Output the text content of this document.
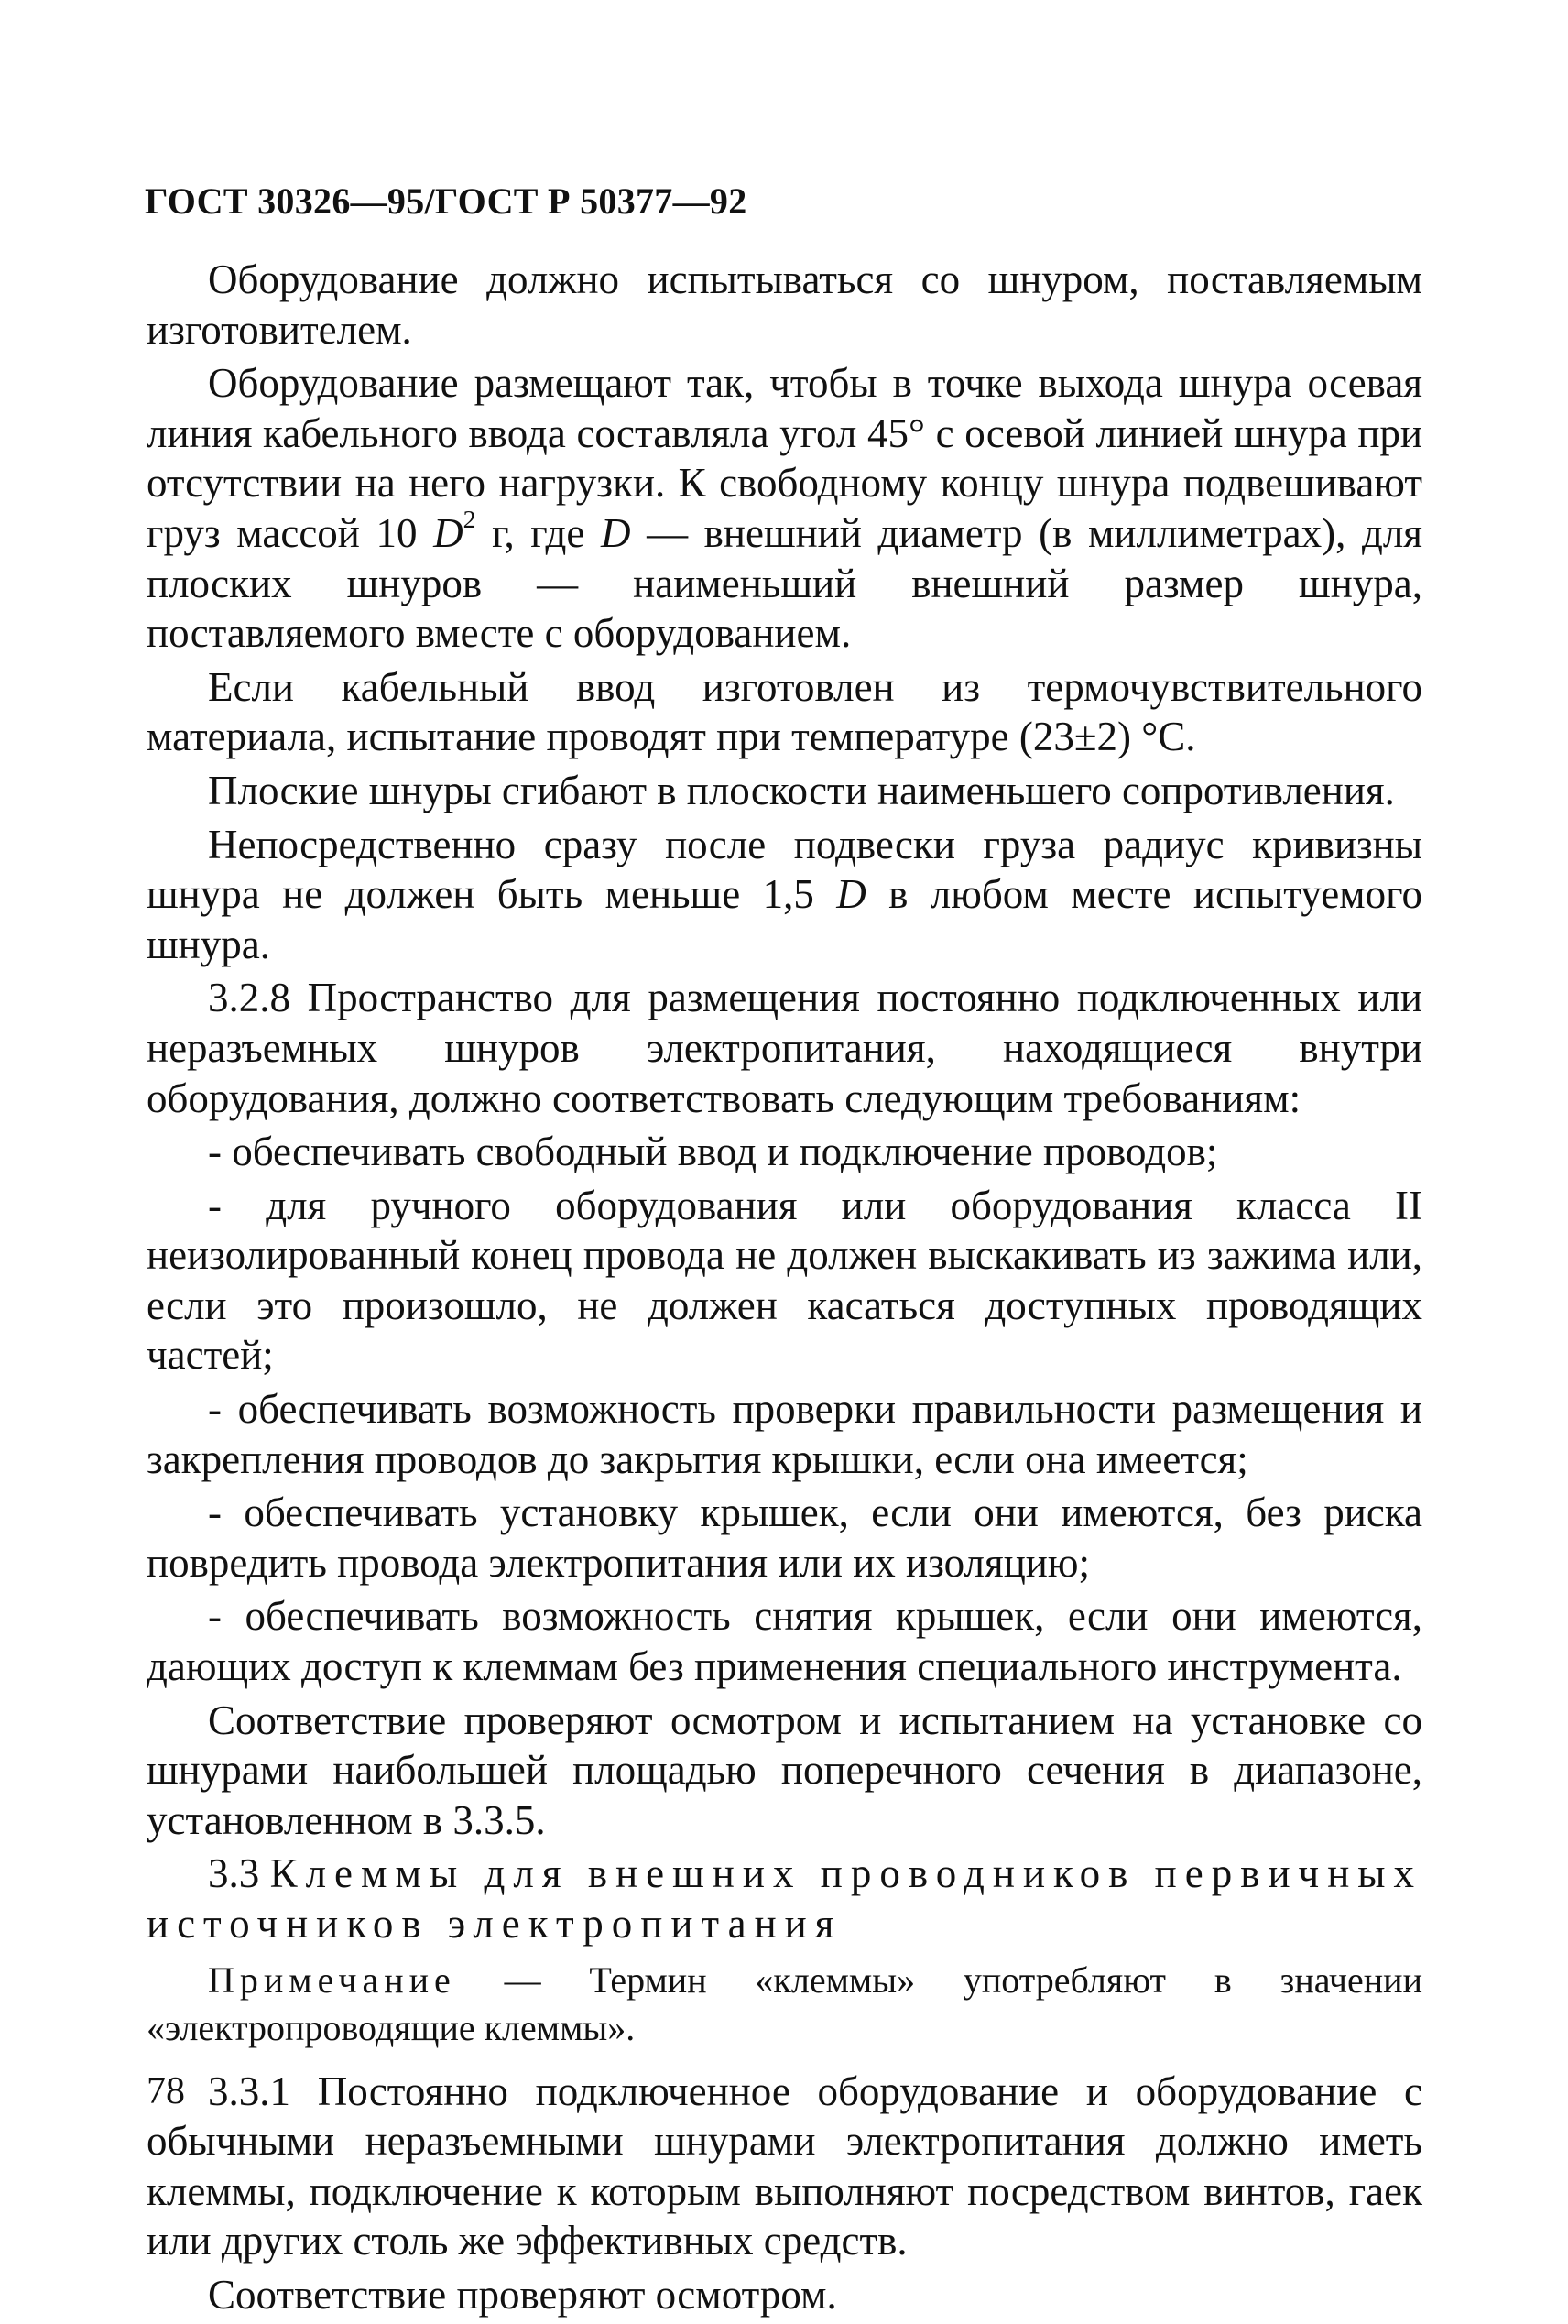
ГОСТ 30326—95/ГОСТ Р 50377—92

Оборудование должно испытываться со шнуром, поставляемым изготовителем.

Оборудование размещают так, чтобы в точке выхода шнура осевая линия кабельного ввода составляла угол 45° с осевой линией шнура при отсутствии на него нагрузки. К свободному концу шнура подвешивают груз массой 10 $D^2$ г, где D — внешний диаметр (в миллиметрах), для плоских шнуров — наименьший внешний размер шнура, поставляемого вместе с оборудованием.

Если кабельный ввод изготовлен из термочувствительного материала, испытание проводят при температуре (23±2) °С.

Плоские шнуры сгибают в плоскости наименьшего сопротивления.

Непосредственно сразу после подвески груза радиус кривизны шнура не должен быть меньше 1,5 D в любом месте испытуемого шнура.

3.2.8 Пространство для размещения постоянно подключенных или неразъемных шнуров электропитания, находящиеся внутри оборудования, должно соответствовать следующим требованиям:

- обеспечивать свободный ввод и подключение проводов;

- для ручного оборудования или оборудования класса II неизолированный конец провода не должен выскакивать из зажима или, если это произошло, не должен касаться доступных проводящих частей;

- обеспечивать возможность проверки правильности размещения и закрепления проводов до закрытия крышки, если она имеется;

- обеспечивать установку крышек, если они имеются, без риска повредить провода электропитания или их изоляцию;

- обеспечивать возможность снятия крышек, если они имеются, дающих доступ к клеммам без применения специального инструмента.

Соответствие проверяют осмотром и испытанием на установке со шнурами наибольшей площадью поперечного сечения в диапазоне, установленном в 3.3.5.

3.3 Клеммы для внешних проводников первичных источников электропитания

Примечание — Термин «клеммы» употребляют в значении «электропроводящие клеммы».

3.3.1 Постоянно подключенное оборудование и оборудование с обычными неразъемными шнурами электропитания должно иметь клеммы, подключение к которым выполняют посредством винтов, гаек или других столь же эффективных средств.

Соответствие проверяют осмотром.

78
